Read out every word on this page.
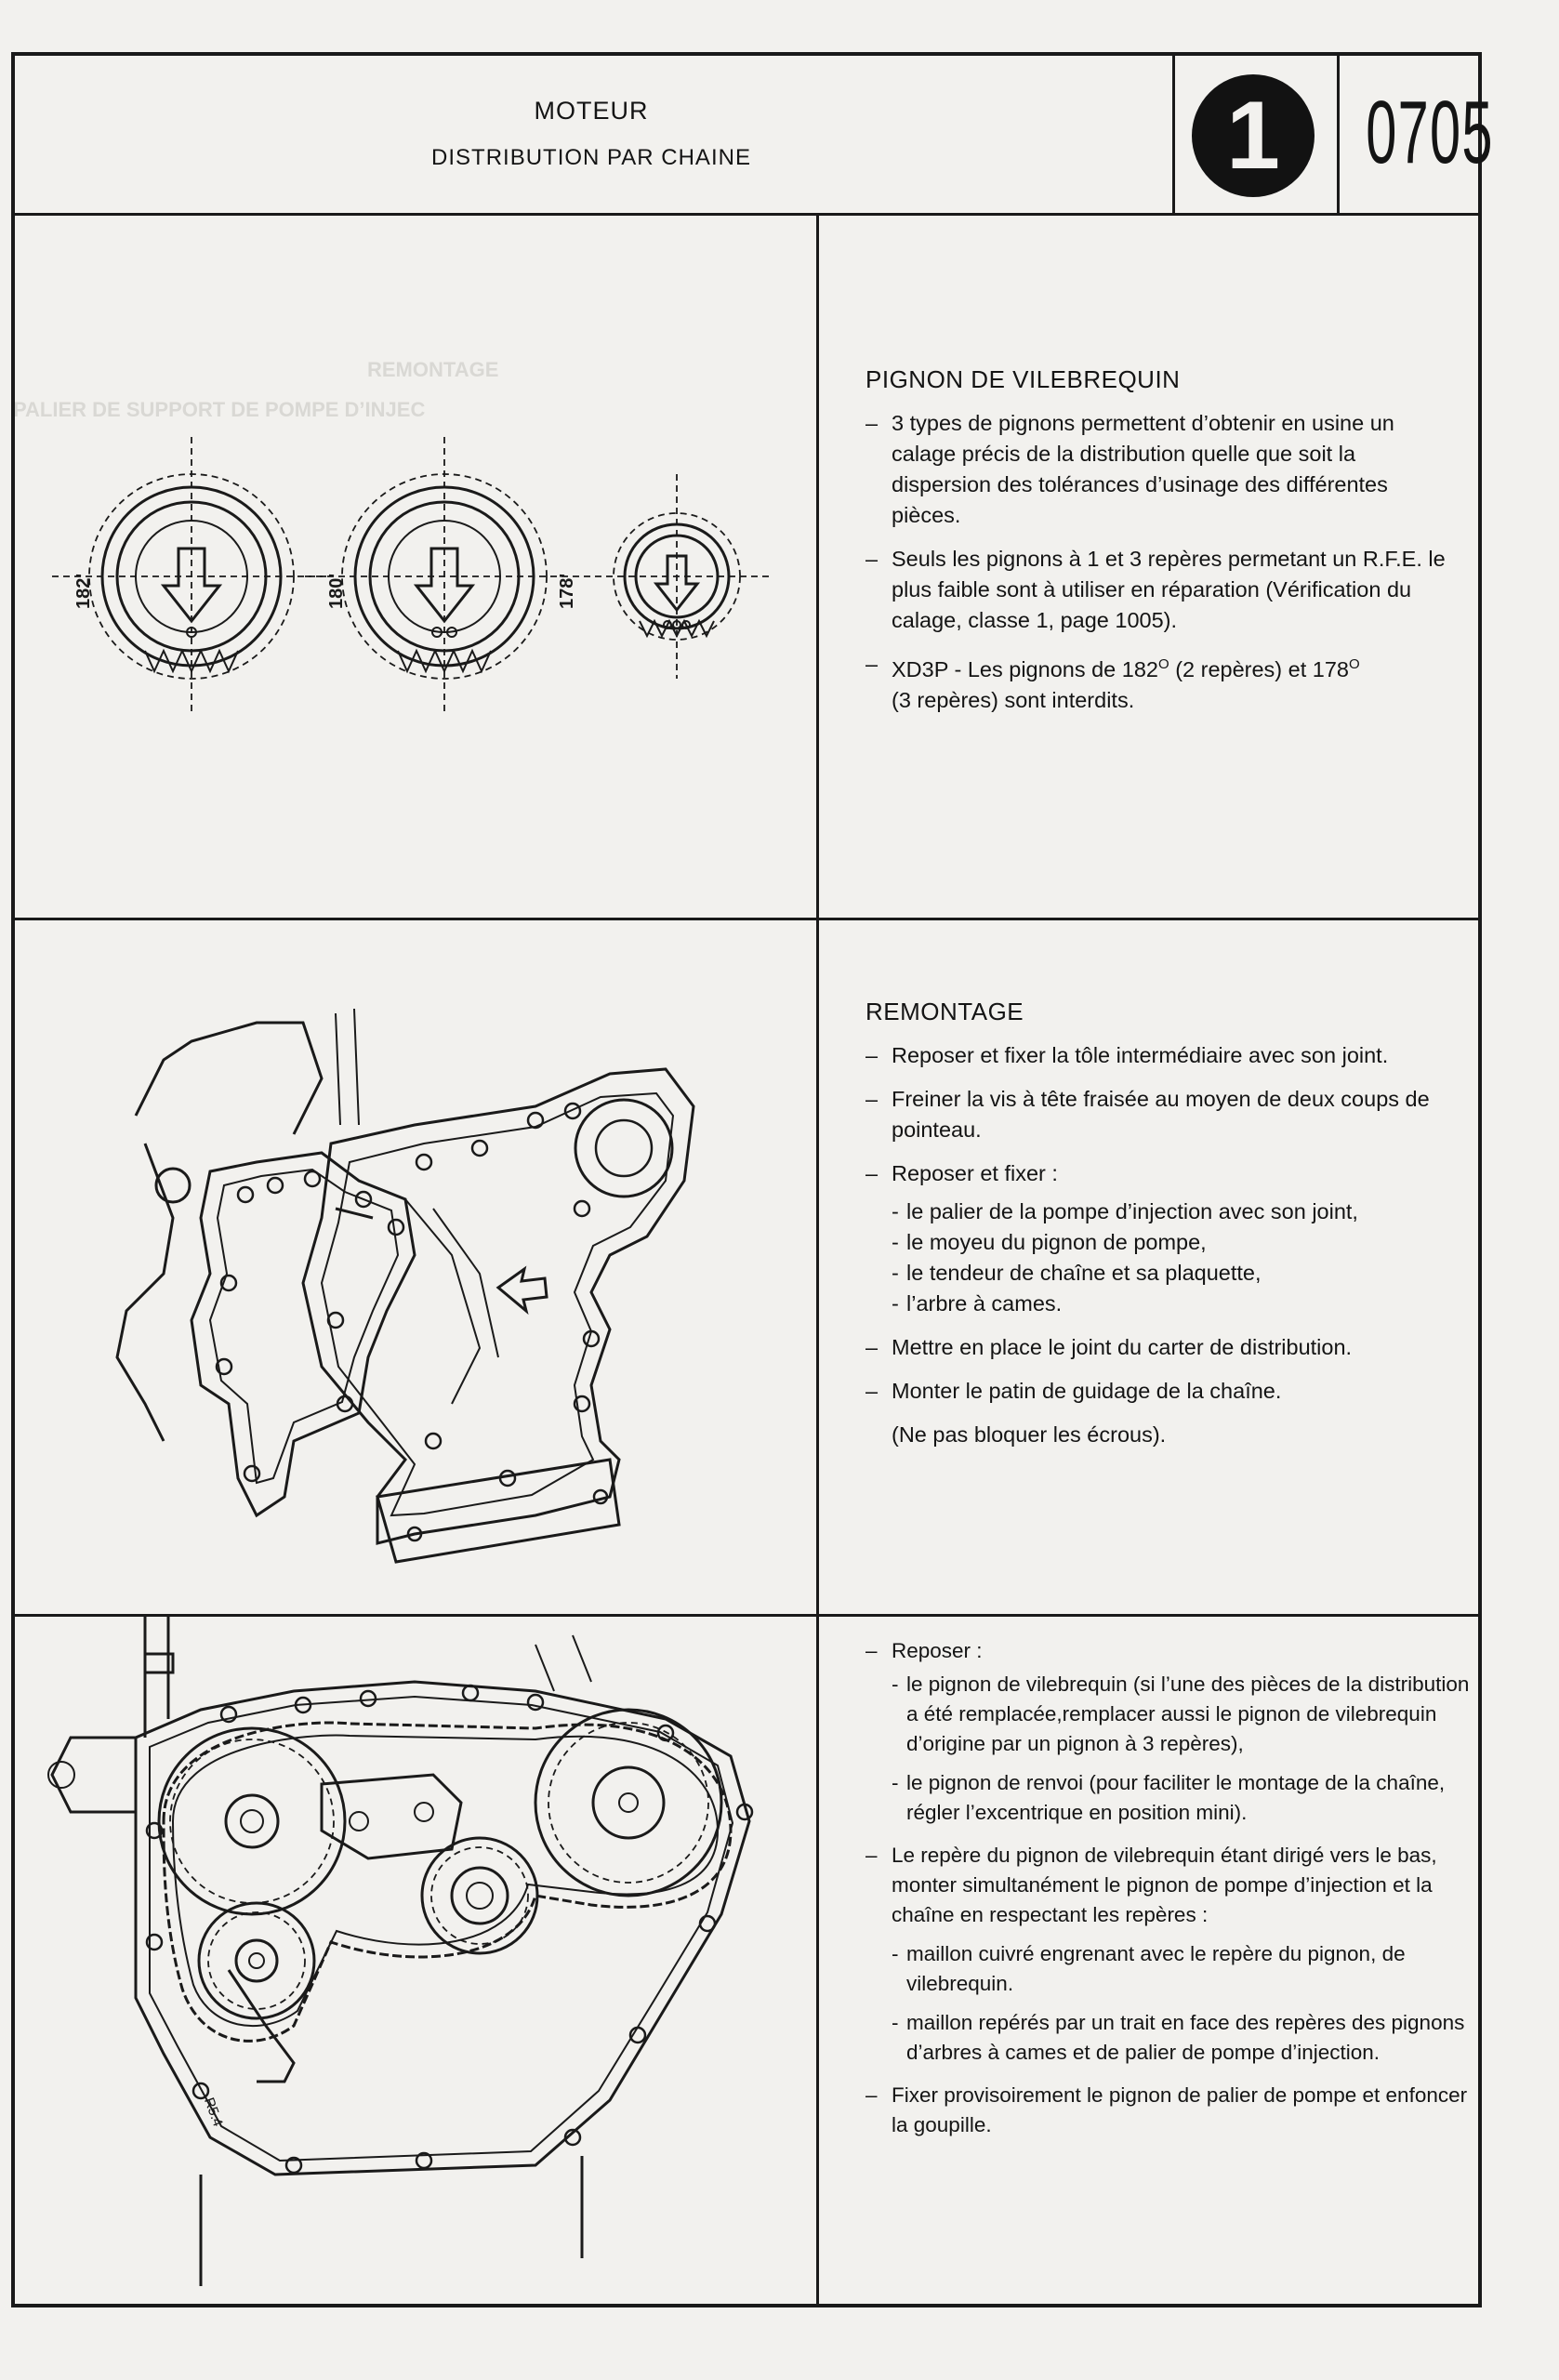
REMONTAGE
PALIER DE SUPPORT DE POMPE D’INJEC
MOTEUR
DISTRIBUTION PAR CHAINE	1 0705
182'	180'	178'
PIGNON DE VILEBREQUIN

– 3 types de pignons permettent d’obtenir en usine un calage précis de la distribution quelle que soit la dispersion des tolérances d’usinage des différentes pièces.

– Seuls les pignons à 1 et 3 repères permetant un R.F.E. le plus faible sont à utiliser en réparation (Vérification du calage, classe 1, page 1005).

– XD3P - Les pignons de $182^O$ (2 repères) et $178^O$
(3 repères) sont interdits.

REMONTAGE

– Reposer et fixer la tôle intermédiaire avec son joint.

– Freiner la vis à tête fraisée au moyen de deux coups de pointeau.

– Reposer et fixer :

- le palier de la pompe d’injection avec son joint,

- le moyeu du pignon de pompe,

- le tendeur de chaîne et sa plaquette,

- l’arbre à cames.

– Mettre en place le joint du carter de distribution.

– Monter le patin de guidage de la chaîne.

(Ne pas bloquer les écrous).

R5.4

– Reposer :

- le pignon de vilebrequin (si l’une des pièces de la distribution a été remplacée,remplacer aussi le pignon de vilebrequin d’origine par un pignon à 3 repères),

- le pignon de renvoi (pour faciliter le montage de la chaîne, régler l’excentrique en position mini).

– Le repère du pignon de vilebrequin étant dirigé vers le bas, monter simultanément le pignon de pompe d’injection et la chaîne en respectant les repères :

- maillon cuivré engrenant avec le repère du pignon, de vilebrequin.

- maillon repérés par un trait en face des repères des pignons d’arbres à cames et de palier de pompe d’injection.

– Fixer provisoirement le pignon de palier de pompe et enfoncer la goupille.
